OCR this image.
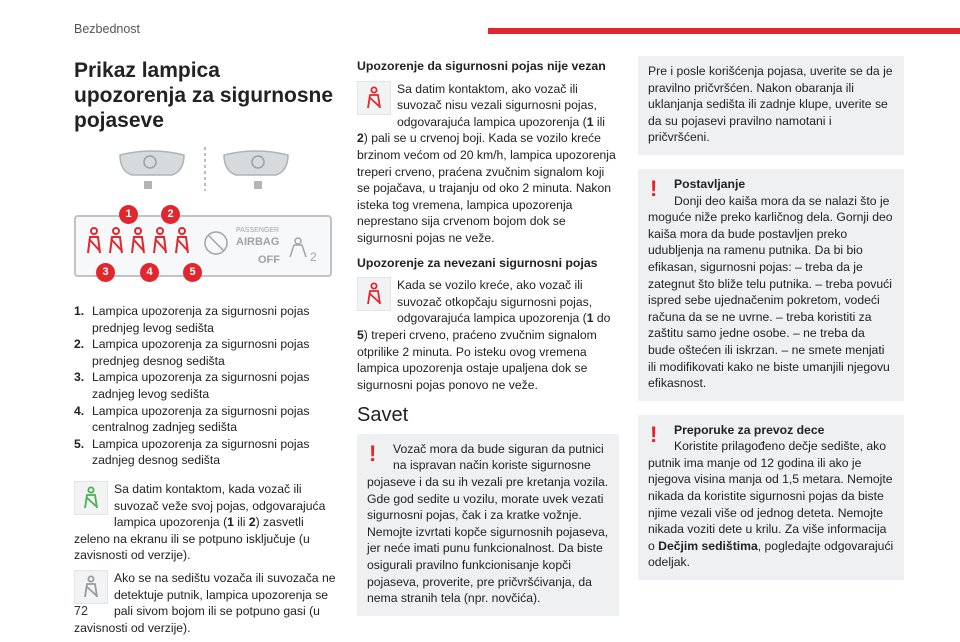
Bezbednost
Prikaz lampica upozorenja za sigurnosne pojaseve
PASSENGER
AIRBAG
OFF	2
1	2
3	4	5
1. Lampica upozorenja za sigurnosni pojas prednjeg levog sedišta
2. Lampica upozorenja za sigurnosni pojas prednjeg desnog sedišta
3. Lampica upozorenja za sigurnosni pojas zadnjeg levog sedišta
4. Lampica upozorenja za sigurnosni pojas centralnog zadnjeg sedišta
5. Lampica upozorenja za sigurnosni pojas zadnjeg desnog sedišta
Sa datim kontaktom, kada vozač ili suvozač veže svoj pojas, odgovarajuća lampica upozorenja (1 ili 2) zasvetli zeleno na ekranu ili se potpuno isključuje (u zavisnosti od verzije).
Ako se na sedištu vozača ili suvozača ne detektuje putnik, lampica upozorenja se pali sivom bojom ili se potpuno gasi (u zavisnosti od verzije).
Upozorenje da sigurnosni pojas nije vezan
Sa datim kontaktom, ako vozač ili suvozač nisu vezali sigurnosni pojas, odgovarajuća lampica upozorenja (1 ili 2) pali se u crvenoj boji. Kada se vozilo kreće brzinom većom od 20 km/h, lampica upozorenja treperi crveno, praćena zvučnim signalom koji se pojačava, u trajanju od oko 2 minuta. Nakon isteka tog vremena, lampica upozorenja neprestano sija crvenom bojom dok se sigurnosni pojas ne veže.
Upozorenje za nevezani sigurnosni pojas
Kada se vozilo kreće, ako vozač ili suvozač otkopčaju sigurnosni pojas, odgovarajuća lampica upozorenja (1 do 5) treperi crveno, praćeno zvučnim signalom otprilike 2 minuta. Po isteku ovog vremena lampica upozorenja ostaje upaljena dok se sigurnosni pojas ponovo ne veže.
Savet
!	Vozač mora da bude siguran da putnici na ispravan način koriste sigurnosne pojaseve i da su ih vezali pre kretanja vozila. Gde god sedite u vozilu, morate uvek vezati sigurnosni pojas, čak i za kratke vožnje. Nemojte izvrtati kopče sigurnosnih pojaseva, jer neće imati punu funkcionalnost. Da biste osigurali pravilno funkcionisanje kopči pojaseva, proverite, pre pričvršćivanja, da nema stranih tela (npr. novčića).
Pre i posle korišćenja pojasa, uverite se da je pravilno pričvršćen. Nakon obaranja ili uklanjanja sedišta ili zadnje klupe, uverite se da su pojasevi pravilno namotani i pričvršćeni.
!	Postavljanje
Donji deo kaiša mora da se nalazi što je moguće niže preko karličnog dela. Gornji deo kaiša mora da bude postavljen preko udubljenja na ramenu putnika. Da bi bio efikasan, sigurnosni pojas: – treba da je zategnut što bliže telu putnika. – treba povući ispred sebe ujednačenim pokretom, vodeći računa da se ne uvrne. – treba koristiti za zaštitu samo jedne osobe. – ne treba da bude oštećen ili iskrzan. – ne smete menjati ili modifikovati kako ne biste umanjili njegovu efikasnost.
!	Preporuke za prevoz dece
Koristite prilagođeno dečje sedište, ako putnik ima manje od 12 godina ili ako je njegova visina manja od 1,5 metara. Nemojte nikada da koristite sigurnosni pojas da biste njime vezali više od jednog deteta. Nemojte nikada voziti dete u krilu. Za više informacija o Dečjim sedištima, pogledajte odgovarajući odeljak.
72
